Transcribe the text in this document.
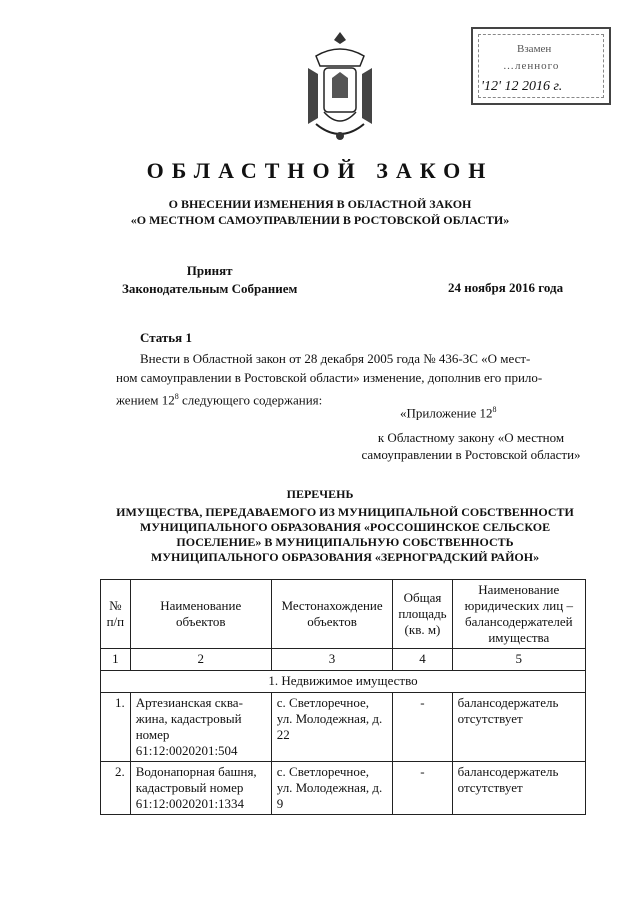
Взамен
…ленного
'12' 12 2016 г.
ОБЛАСТНОЙ ЗАКОН
О ВНЕСЕНИИ ИЗМЕНЕНИЯ В ОБЛАСТНОЙ ЗАКОН
«О МЕСТНОМ САМОУПРАВЛЕНИИ В РОСТОВСКОЙ ОБЛАСТИ»
Принят
Законодательным Собранием	24 ноября 2016 года
Статья 1

Внести в Областной закон от 28 декабря 2005 года № 436-ЗС «О мест-

ном самоуправлении в Ростовской области» изменение, дополнив его прило-

жением $12^8$ следующего содержания:

«Приложение $12^8$
к Областному закону «О местном
самоуправлении в Ростовской области»
ПЕРЕЧЕНЬ
ИМУЩЕСТВА, ПЕРЕДАВАЕМОГО ИЗ МУНИЦИПАЛЬНОЙ СОБСТВЕННОСТИ
МУНИЦИПАЛЬНОГО ОБРАЗОВАНИЯ «РОССОШИНСКОЕ СЕЛЬСКОЕ
ПОСЕЛЕНИЕ» В МУНИЦИПАЛЬНУЮ СОБСТВЕННОСТЬ
МУНИЦИПАЛЬНОГО ОБРАЗОВАНИЯ «ЗЕРНОГРАДСКИЙ РАЙОН»
№ п/п	Наименование объектов	Местонахождение объектов	Общая площадь (кв. м)	Наименование юридических лиц – балансодержателей имущества
1	2	3	4	5
1. Недвижимое имущество				
1.	Артезианская сква-жина, кадастровый номер 61:12:0020201:504	с. Светлоречное, ул. Молодежная, д. 22	-	балансодержатель отсутствует
2.	Водонапорная башня, кадастровый номер 61:12:0020201:1334	с. Светлоречное, ул. Молодежная, д. 9	-	балансодержатель отсутствует
